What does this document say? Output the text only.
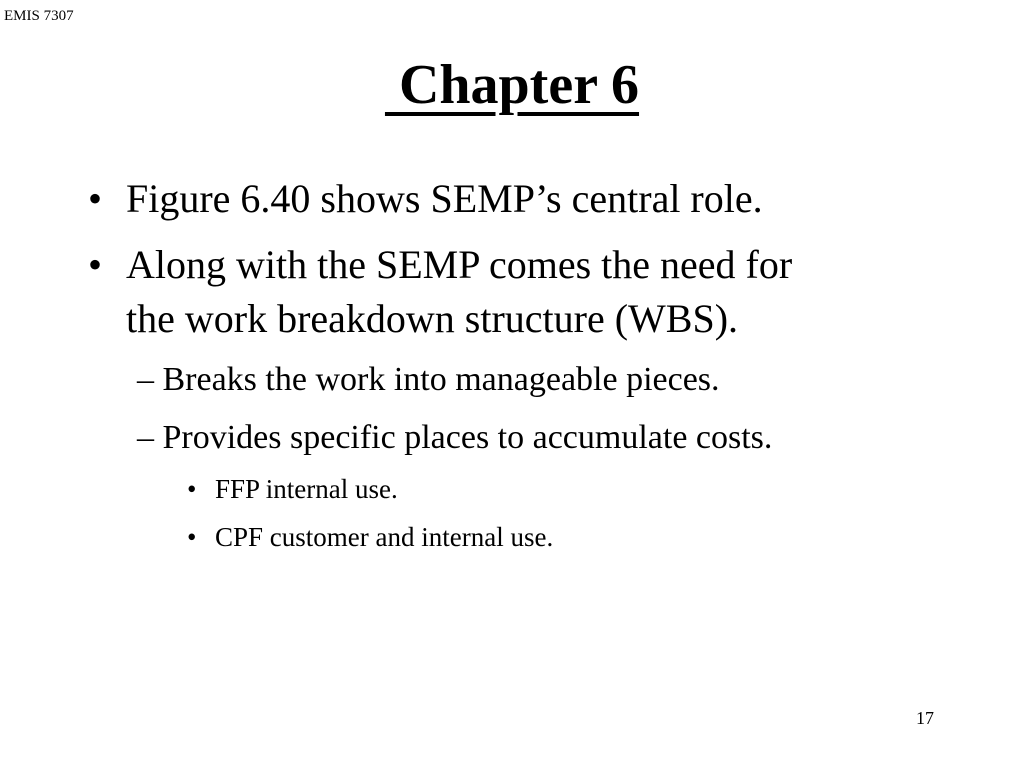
EMIS 7307
Chapter 6
• Figure 6.40 shows SEMP’s central role.
• Along with the SEMP comes the need for
the work breakdown structure (WBS).
– Breaks the work into manageable pieces.
– Provides specific places to accumulate costs.
• FFP internal use.
• CPF customer and internal use.
17
